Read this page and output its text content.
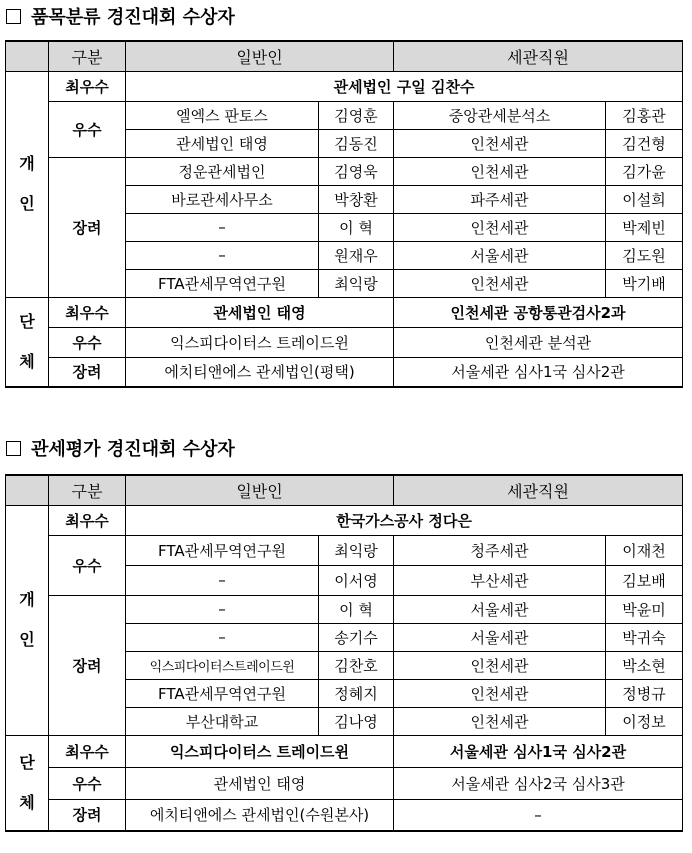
품목분류 경진대회 수상자
	구분	일반인		세관직원	

개
인	최우수	관세법인 구일 김찬수			
	우수	엘엑스 판토스	김영훈	중앙관세분석소	김홍관
		관세법인 태영	김동진	인천세관	김건형
	장려	정운관세법인	김영욱	인천세관	김가윤
		바로관세사무소	박창환	파주세관	이설희
		–	이 혁	인천세관	박제빈
		–	원재우	서울세관	김도원
		FTA관세무역연구원	최익랑	인천세관	박기배

단
체	최우수	관세법인 태영		인천세관 공항통관검사2과	
	우수	익스피다이터스 트레이드윈		인천세관 분석관	
	장려	에치티앤에스 관세법인(평택)		서울세관 심사1국 심사2관	
관세평가 경진대회 수상자
	구분	일반인		세관직원	

개
인	최우수	한국가스공사 정다은			
	우수	FTA관세무역연구원	최익랑	청주세관	이재천
		–	이서영	부산세관	김보배
	장려	–	이 혁	서울세관	박윤미
		–	송기수	서울세관	박귀숙
		익스피다이터스트레이드윈	김찬호	인천세관	박소현
		FTA관세무역연구원	정혜지	인천세관	정병규
		부산대학교	김나영	인천세관	이정보

단
체	최우수	익스피다이터스 트레이드윈		서울세관 심사1국 심사2관	
	우수	관세법인 태영		서울세관 심사2국 심사3관	
	장려	에치티앤에스 관세법인(수원본사)		–	
